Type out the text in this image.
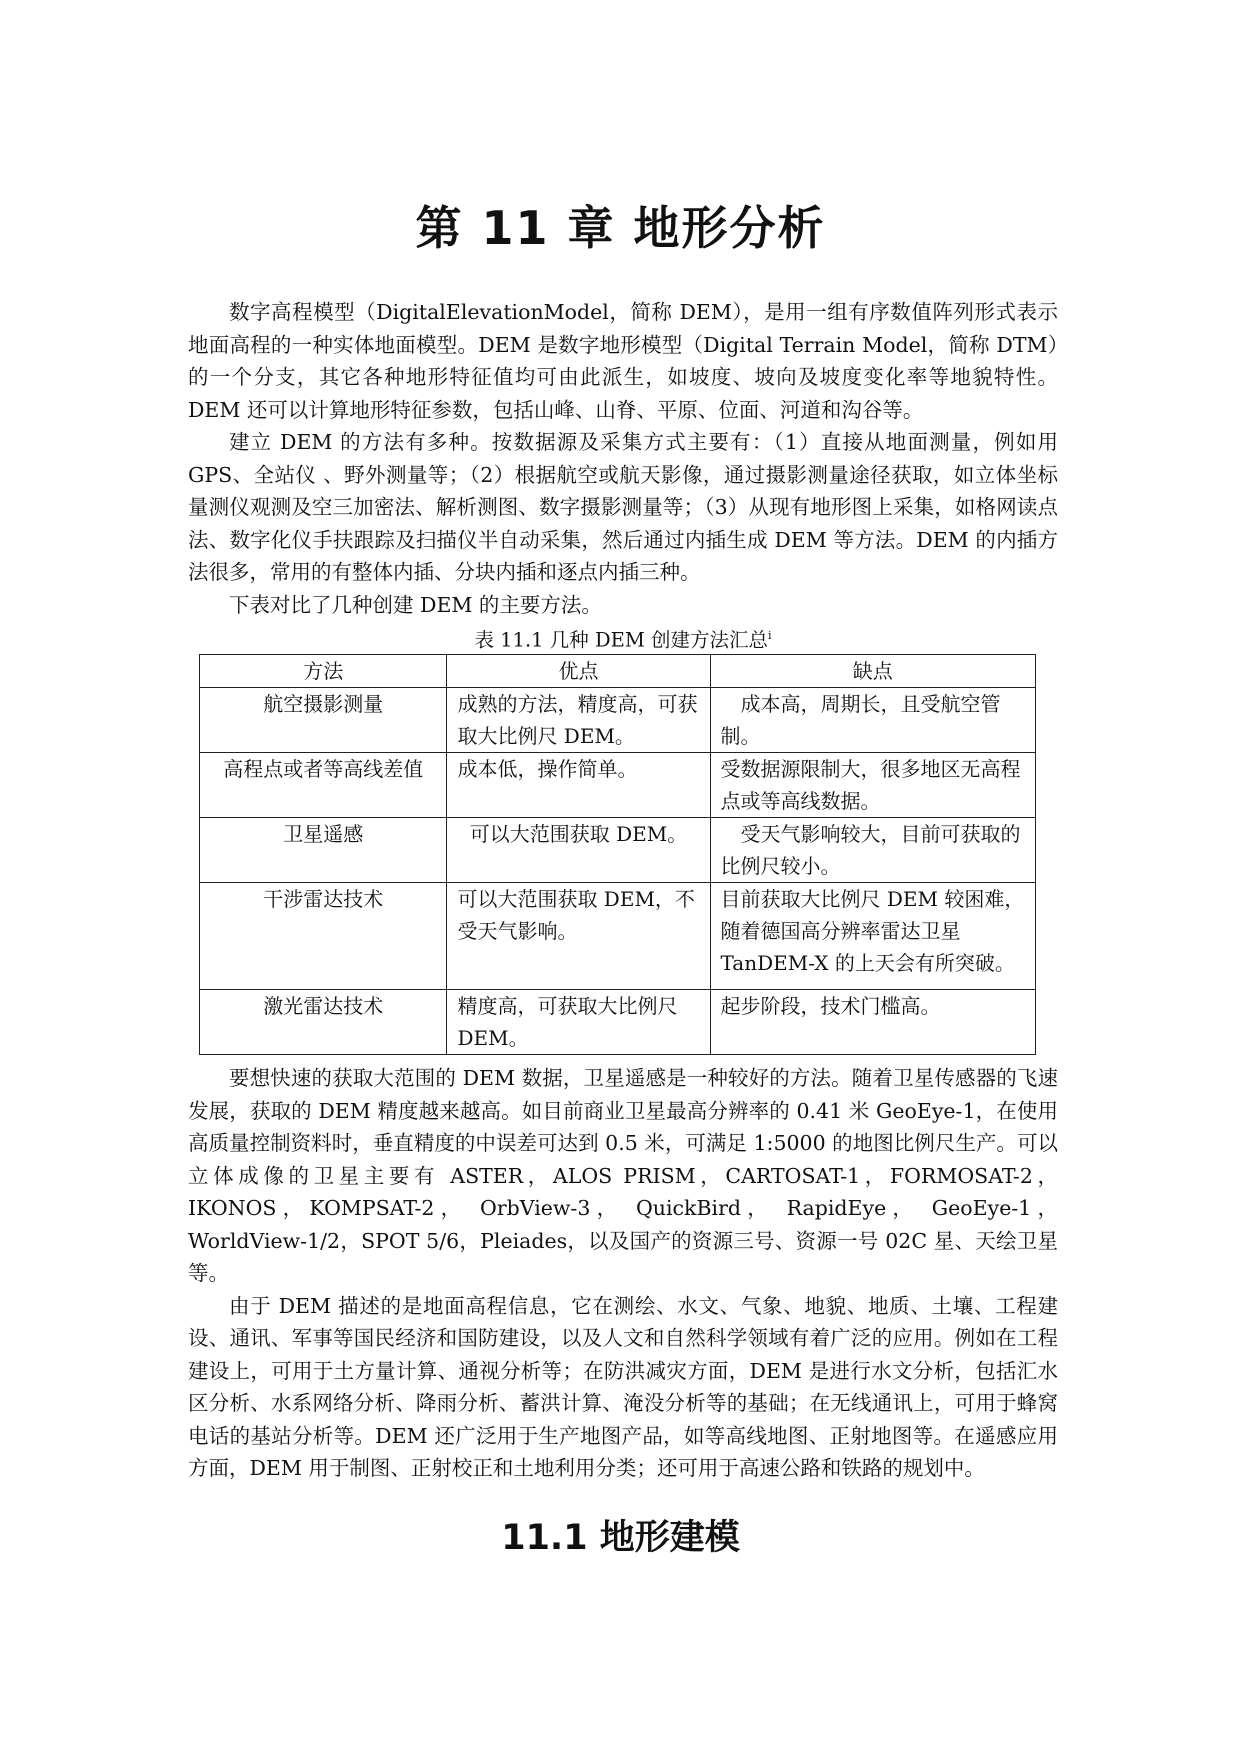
第 11 章 地形分析

数字高程模型（DigitalElevationModel，简称 DEM），是用一组有序数值阵列形式表示地面高程的一种实体地面模型。DEM 是数字地形模型（Digital Terrain Model，简称 DTM）的一个分支，其它各种地形特征值均可由此派生，如坡度、坡向及坡度变化率等地貌特性。DEM 还可以计算地形特征参数，包括山峰、山脊、平原、位面、河道和沟谷等。

建立 DEM 的方法有多种。按数据源及采集方式主要有：（1）直接从地面测量，例如用 GPS、全站仪 、野外测量等；（2）根据航空或航天影像，通过摄影测量途径获取，如立体坐标量测仪观测及空三加密法、解析测图、数字摄影测量等；（3）从现有地形图上采集，如格网读点法、数字化仪手扶跟踪及扫描仪半自动采集，然后通过内插生成 DEM 等方法。DEM 的内插方法很多，常用的有整体内插、分块内插和逐点内插三种。

下表对比了几种创建 DEM 的主要方法。

表 11.1 几种 DEM 创建方法汇总$^i$
方法	优点	缺点
航空摄影测量	成熟的方法，精度高，可获取大比例尺 DEM。	成本高，周期长，且受航空管制。
高程点或者等高线差值	成本低，操作简单。	受数据源限制大，很多地区无高程点或等高线数据。
卫星遥感	可以大范围获取 DEM。	受天气影响较大，目前可获取的比例尺较小。
干涉雷达技术	可以大范围获取 DEM，不受天气影响。	目前获取大比例尺 DEM 较困难，随着德国高分辨率雷达卫星 TanDEM-X 的上天会有所突破。
激光雷达技术	精度高，可获取大比例尺 DEM。	起步阶段，技术门槛高。

要想快速的获取大范围的 DEM 数据，卫星遥感是一种较好的方法。随着卫星传感器的飞速发展，获取的 DEM 精度越来越高。如目前商业卫星最高分辨率的 0.41 米 GeoEye-1，在使用高质量控制资料时，垂直精度的中误差可达到 0.5 米，可满足 1:5000 的地图比例尺生产。可以立体成像的卫星主要有 ASTER，ALOS PRISM，CARTOSAT-1，FORMOSAT-2，IKONOS，KOMPSAT-2， OrbView-3， QuickBird， RapidEye， GeoEye-1， WorldView-1/2，SPOT 5/6，Pleiades，以及国产的资源三号、资源一号 02C 星、天绘卫星等。

由于 DEM 描述的是地面高程信息，它在测绘、水文、气象、地貌、地质、土壤、工程建设、通讯、军事等国民经济和国防建设，以及人文和自然科学领域有着广泛的应用。例如在工程建设上，可用于土方量计算、通视分析等；在防洪减灾方面，DEM 是进行水文分析，包括汇水区分析、水系网络分析、降雨分析、蓄洪计算、淹没分析等的基础；在无线通讯上，可用于蜂窝电话的基站分析等。DEM 还广泛用于生产地图产品，如等高线地图、正射地图等。在遥感应用方面，DEM 用于制图、正射校正和土地利用分类；还可用于高速公路和铁路的规划中。

11.1 地形建模
